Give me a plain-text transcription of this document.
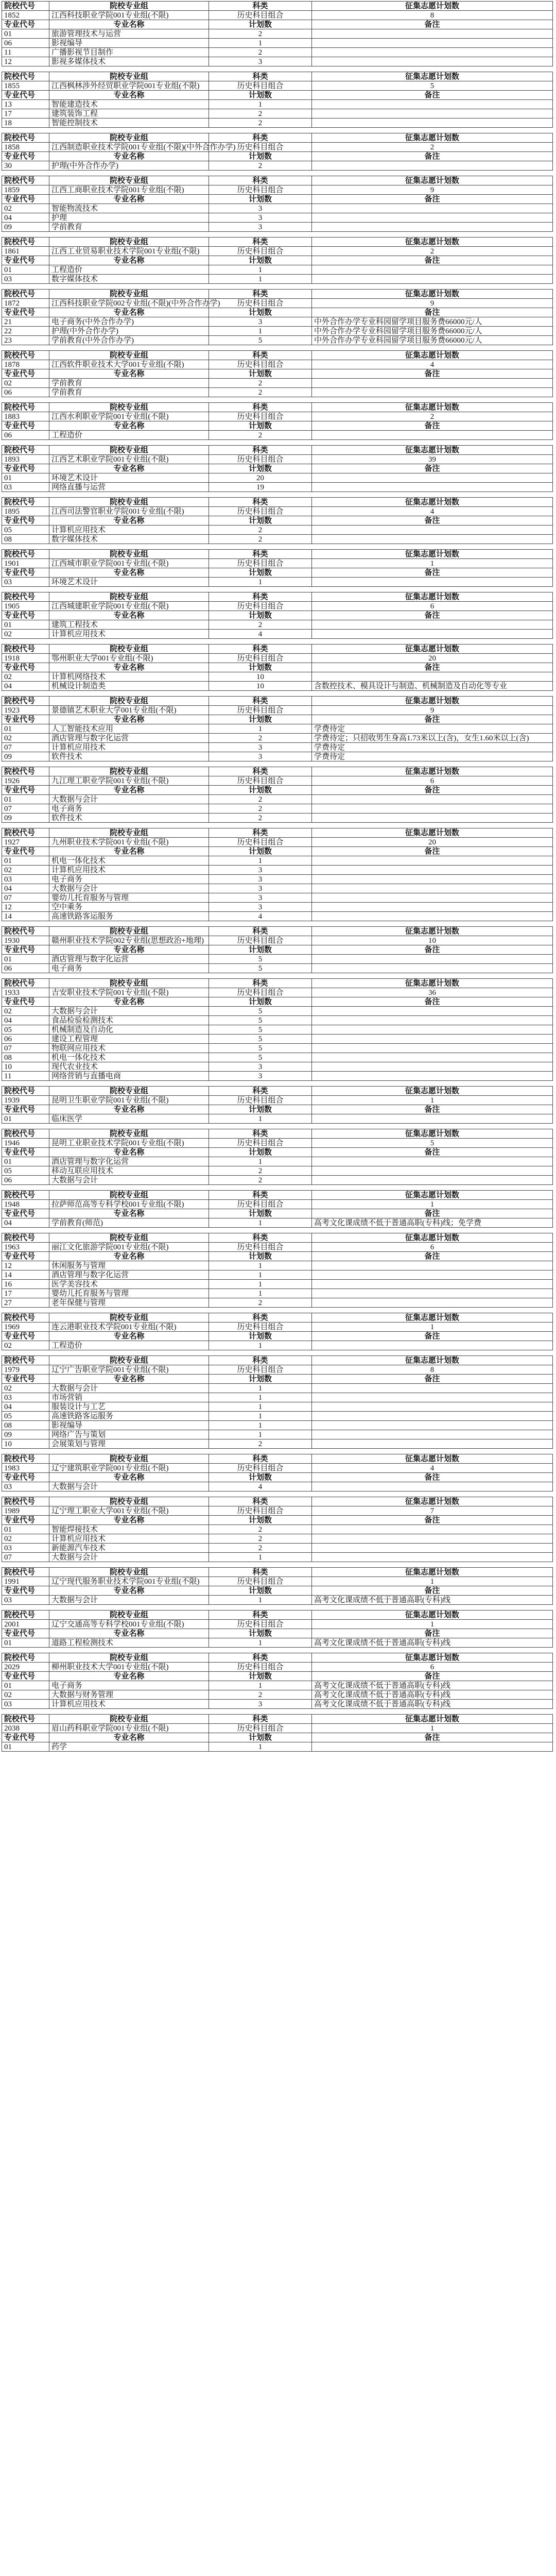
院校代号	院校专业组	科类	征集志愿计划数
1852	江西科技职业学院001专业组(不限)	历史科目组合	8
专业代号	专业名称	计划数	备注
01	旅游管理技术与运营	2	
06	影视编导	1	
11	广播影视节目制作	2	
12	影视多媒体技术	3	
院校代号	院校专业组	科类	征集志愿计划数
1855	江西枫林涉外经贸职业学院001专业组(不限)	历史科目组合	5
专业代号	专业名称	计划数	备注
13	智能建造技术	1	
17	建筑装饰工程	2	
18	智能控制技术	2	
院校代号	院校专业组	科类	征集志愿计划数
1858	江西制造职业技术学院001专业组(不限)(中外合作办学)	历史科目组合	2
专业代号	专业名称	计划数	备注
30	护理(中外合作办学)	2	
院校代号	院校专业组	科类	征集志愿计划数
1859	江西工商职业技术学院001专业组(不限)	历史科目组合	9
专业代号	专业名称	计划数	备注
02	智能物流技术	3	
04	护理	3	
09	学前教育	3	
院校代号	院校专业组	科类	征集志愿计划数
1861	江西工业贸易职业技术学院001专业组(不限)	历史科目组合	2
专业代号	专业名称	计划数	备注
01	工程造价	1	
03	数字媒体技术	1	
院校代号	院校专业组	科类	征集志愿计划数
1872	江西科技职业学院002专业组(不限)(中外合作办学)	历史科目组合	9
专业代号	专业名称	计划数	备注
21	电子商务(中外合作办学)	3	中外合作办学专业科园留学项目服务费66000元/人
22	护理(中外合作办学)	1	中外合作办学专业科园留学项目服务费66000元/人
23	学前教育(中外合作办学)	5	中外合作办学专业科园留学项目服务费66000元/人
院校代号	院校专业组	科类	征集志愿计划数
1878	江西软件职业技术大学001专业组(不限)	历史科目组合	4
专业代号	专业名称	计划数	备注
02	学前教育	2	
06	学前教育	2	
院校代号	院校专业组	科类	征集志愿计划数
1883	江西水利职业学院001专业组(不限)	历史科目组合	2
专业代号	专业名称	计划数	备注
06	工程造价	2	
院校代号	院校专业组	科类	征集志愿计划数
1893	江西艺术职业学院001专业组(不限)	历史科目组合	39
专业代号	专业名称	计划数	备注
01	环境艺术设计	20	
03	网络直播与运营	19	
院校代号	院校专业组	科类	征集志愿计划数
1895	江西司法警官职业学院001专业组(不限)	历史科目组合	4
专业代号	专业名称	计划数	备注
05	计算机应用技术	2	
08	数字媒体技术	2	
院校代号	院校专业组	科类	征集志愿计划数
1901	江西城市职业学院001专业组(不限)	历史科目组合	1
专业代号	专业名称	计划数	备注
03	环境艺术设计	1	
院校代号	院校专业组	科类	征集志愿计划数
1905	江西城建职业学院001专业组(不限)	历史科目组合	6
专业代号	专业名称	计划数	备注
01	建筑工程技术	2	
02	计算机应用技术	4	
院校代号	院校专业组	科类	征集志愿计划数
1918	鄂州职业大学001专业组(不限)	历史科目组合	20
专业代号	专业名称	计划数	备注
02	计算机网络技术	10	
04	机械设计制造类	10	含数控技术、模具设计与制造、机械制造及自动化等专业
院校代号	院校专业组	科类	征集志愿计划数
1923	景德镇艺术职业大学001专业组(不限)	历史科目组合	9
专业代号	专业名称	计划数	备注
01	人工智能技术应用	1	学费待定
02	酒店管理与数字化运营	2	学费待定；只招收男生身高1.73米以上(含)，女生1.60米以上(含)
07	计算机应用技术	3	学费待定
09	软件技术	3	学费待定
院校代号	院校专业组	科类	征集志愿计划数
1926	九江理工职业学院001专业组(不限)	历史科目组合	6
专业代号	专业名称	计划数	备注
01	大数据与会计	2	
07	电子商务	2	
09	软件技术	2	
院校代号	院校专业组	科类	征集志愿计划数
1927	九州职业技术学院001专业组(不限)	历史科目组合	20
专业代号	专业名称	计划数	备注
01	机电一体化技术	1	
02	计算机应用技术	3	
03	电子商务	3	
04	大数据与会计	3	
07	婴幼儿托育服务与管理	3	
12	空中乘务	3	
14	高速铁路客运服务	4	
院校代号	院校专业组	科类	征集志愿计划数
1930	赣州职业技术学院002专业组(思想政治+地理)	历史科目组合	10
专业代号	专业名称	计划数	备注
01	酒店管理与数字化运营	5	
06	电子商务	5	
院校代号	院校专业组	科类	征集志愿计划数
1933	吉安职业技术学院001专业组(不限)	历史科目组合	36
专业代号	专业名称	计划数	备注
02	大数据与会计	5	
04	食品检验检测技术	5	
05	机械制造及自动化	5	
06	建设工程管理	5	
07	物联网应用技术	5	
08	机电一体化技术	5	
10	现代农业技术	3	
11	网络营销与直播电商	3	
院校代号	院校专业组	科类	征集志愿计划数
1939	昆明卫生职业学院001专业组(不限)	历史科目组合	1
专业代号	专业名称	计划数	备注
01	临床医学	1	
院校代号	院校专业组	科类	征集志愿计划数
1946	昆明工业职业技术学院001专业组(不限)	历史科目组合	5
专业代号	专业名称	计划数	备注
01	酒店管理与数字化运营	1	
05	移动互联应用技术	2	
06	大数据与会计	2	
院校代号	院校专业组	科类	征集志愿计划数
1948	拉萨师范高等专科学校001专业组(不限)	历史科目组合	1
专业代号	专业名称	计划数	备注
04	学前教育(师范)	1	高考文化课成绩不低于普通高职(专科)线；免学费
院校代号	院校专业组	科类	征集志愿计划数
1963	丽江文化旅游学院001专业组(不限)	历史科目组合	6
专业代号	专业名称	计划数	备注
12	休闲服务与管理	1	
14	酒店管理与数字化运营	1	
16	医学美容技术	1	
17	婴幼儿托育服务与管理	1	
27	老年保健与管理	2	
院校代号	院校专业组	科类	征集志愿计划数
1969	连云港职业技术学院001专业组(不限)	历史科目组合	1
专业代号	专业名称	计划数	备注
02	工程造价	1	
院校代号	院校专业组	科类	征集志愿计划数
1979	辽宁广告职业学院001专业组(不限)	历史科目组合	8
专业代号	专业名称	计划数	备注
02	大数据与会计	1	
03	市场营销	1	
04	服装设计与工艺	1	
05	高速铁路客运服务	1	
08	影视编导	1	
09	网络广告与策划	1	
10	会展策划与管理	2	
院校代号	院校专业组	科类	征集志愿计划数
1983	辽宁建筑职业学院001专业组(不限)	历史科目组合	4
专业代号	专业名称	计划数	备注
03	大数据与会计	4	
院校代号	院校专业组	科类	征集志愿计划数
1989	辽宁理工职业大学001专业组(不限)	历史科目组合	7
专业代号	专业名称	计划数	备注
01	智能焊接技术	2	
02	计算机应用技术	2	
03	新能源汽车技术	2	
07	大数据与会计	1	
院校代号	院校专业组	科类	征集志愿计划数
1991	辽宁现代服务职业技术学院001专业组(不限)	历史科目组合	1
专业代号	专业名称	计划数	备注
03	大数据与会计	1	高考文化课成绩不低于普通高职(专科)线
院校代号	院校专业组	科类	征集志愿计划数
2001	辽宁交通高等专科学校001专业组(不限)	历史科目组合	1
专业代号	专业名称	计划数	备注
01	道路工程检测技术	1	高考文化课成绩不低于普通高职(专科)线
院校代号	院校专业组	科类	征集志愿计划数
2029	柳州职业技术大学001专业组(不限)	历史科目组合	6
专业代号	专业名称	计划数	备注
01	电子商务	1	高考文化课成绩不低于普通高职(专科)线
02	大数据与财务管理	2	高考文化课成绩不低于普通高职(专科)线
03	计算机应用技术	3	高考文化课成绩不低于普通高职(专科)线
院校代号	院校专业组	科类	征集志愿计划数
2038	眉山药科职业学院001专业组(不限)	历史科目组合	1
专业代号	专业名称	计划数	备注
01	药学	1	
